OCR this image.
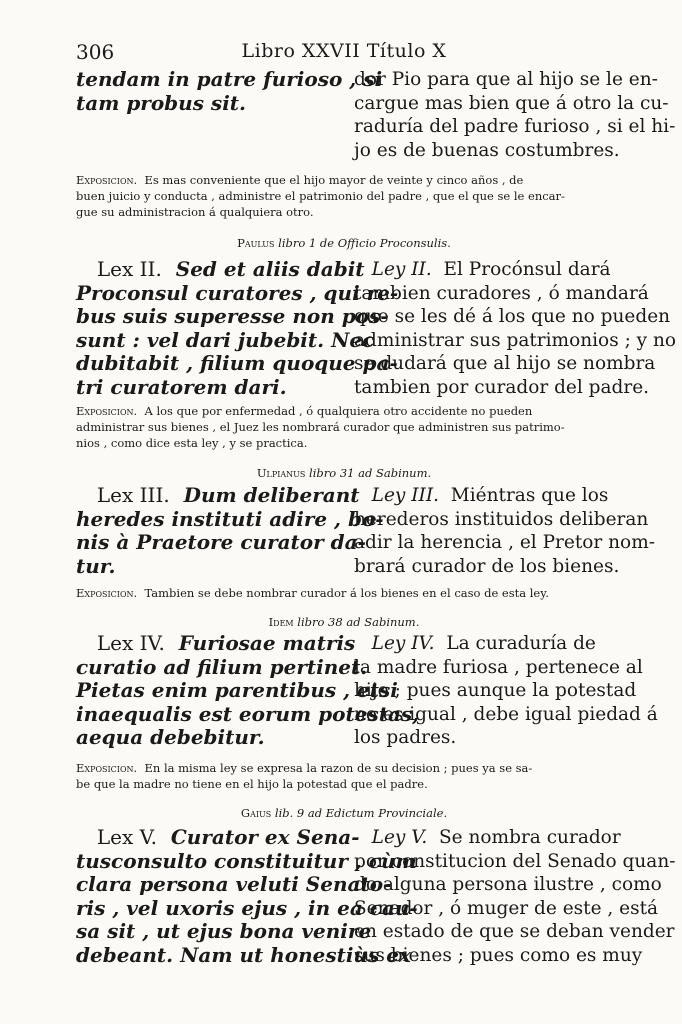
306	Libro XXVII Título X
tendam in patre furioso , si
tam probus sit.
dor Pio para que al hijo se le en-
cargue mas bien que á otro la cu-
raduría del padre furioso , si el hi-
jo es de buenas costumbres.
Exposicion. Es mas conveniente que el hijo mayor de veinte y cinco años , de
buen juicio y conducta , administre el patrimonio del padre , que el que se le encar-
gue su administracion á qualquiera otro.
Paulus libro 1 de Officio Proconsulis.
Lex II. Sed et aliis dabit
Proconsul curatores , qui re-
bus suis superesse non pos-
sunt : vel dari jubebit. Nec
dubitabit , filium quoque pa-
tri curatorem dari.
Ley II. El Procónsul dará
tambien curadores , ó mandará
que se les dé á los que no pueden
administrar sus patrimonios ; y no
se dudará que al hijo se nombra
tambien por curador del padre.
Exposicion. A los que por enfermedad , ó qualquiera otro accidente no pueden
administrar sus bienes , el Juez les nombrará curador que administren sus patrimo-
nios , como dice esta ley , y se practica.
Ulpianus libro 31 ad Sabinum.
Lex III. Dum deliberant
heredes instituti adire , bo-
nis à Praetore curator da-
tur.
Ley III. Miéntras que los
herederos instituidos deliberan
adir la herencia , el Pretor nom-
brará curador de los bienes.
Exposicion. Tambien se debe nombrar curador á los bienes en el caso de esta ley.
Idem libro 38 ad Sabinum.
Lex IV. Furiosae matris
curatio ad filium pertinet.
Pietas enim parentibus , etsi
inaequalis est eorum potestas,
aequa debebitur.
Ley IV. La curaduría de
la madre furiosa , pertenece al
hijo ; pues aunque la potestad
no es igual , debe igual piedad á
los padres.
Exposicion. En la misma ley se expresa la razon de su decision ; pues ya se sa-
be que la madre no tiene en el hijo la potestad que el padre.
Gaius lib. 9 ad Edictum Provinciale.
Lex V. Curator ex Sena-
tusconsulto constituitur , cùm
clara persona veluti Senato-
ris , vel uxoris ejus , in ea cau-
sa sit , ut ejus bona venire
debeant. Nam ut honestiùs ex
Ley V. Se nombra curador
por constitucion del Senado quan-
do alguna persona ilustre , como
Senador , ó muger de este , está
en estado de que se deban vender
sus bienes ; pues como es muy
